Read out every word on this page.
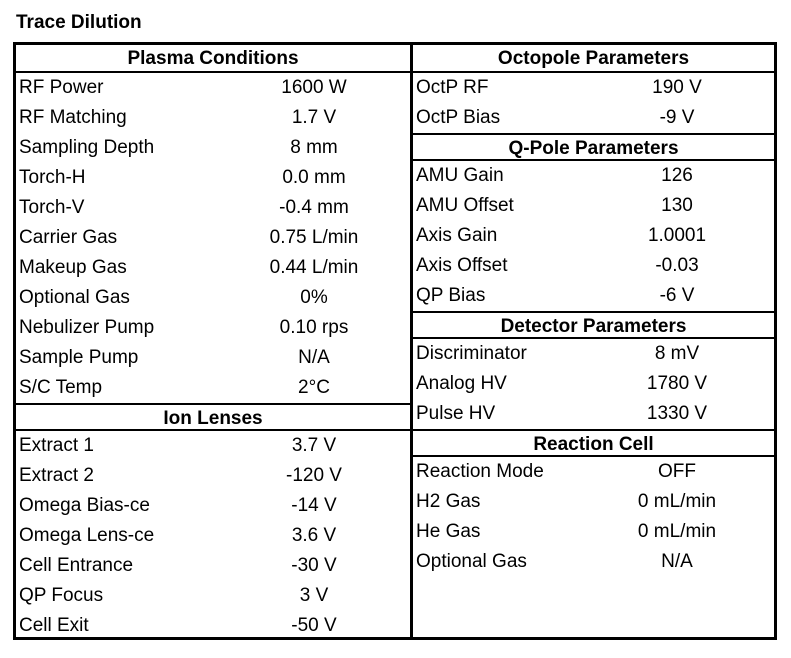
Trace Dilution
Plasma Conditions
RF Power	1600 W
RF Matching	1.7 V
Sampling Depth	8 mm
Torch-H	0.0 mm
Torch-V	-0.4 mm
Carrier Gas	0.75 L/min
Makeup Gas	0.44 L/min
Optional Gas	0%
Nebulizer Pump	0.10 rps
Sample Pump	N/A
S/C Temp	2°C
Ion Lenses
Extract 1	3.7 V
Extract 2	-120 V
Omega Bias-ce	-14 V
Omega Lens-ce	3.6 V
Cell Entrance	-30 V
QP Focus	3 V
Cell Exit	-50 V
Octopole Parameters
OctP RF	190 V
OctP Bias	-9 V
Q-Pole Parameters
AMU Gain	126
AMU Offset	130
Axis Gain	1.0001
Axis Offset	-0.03
QP Bias	-6 V
Detector Parameters
Discriminator	8 mV
Analog HV	1780 V
Pulse HV	1330 V
Reaction Cell
Reaction Mode	OFF
H2 Gas	0 mL/min
He Gas	0 mL/min
Optional Gas	N/A
